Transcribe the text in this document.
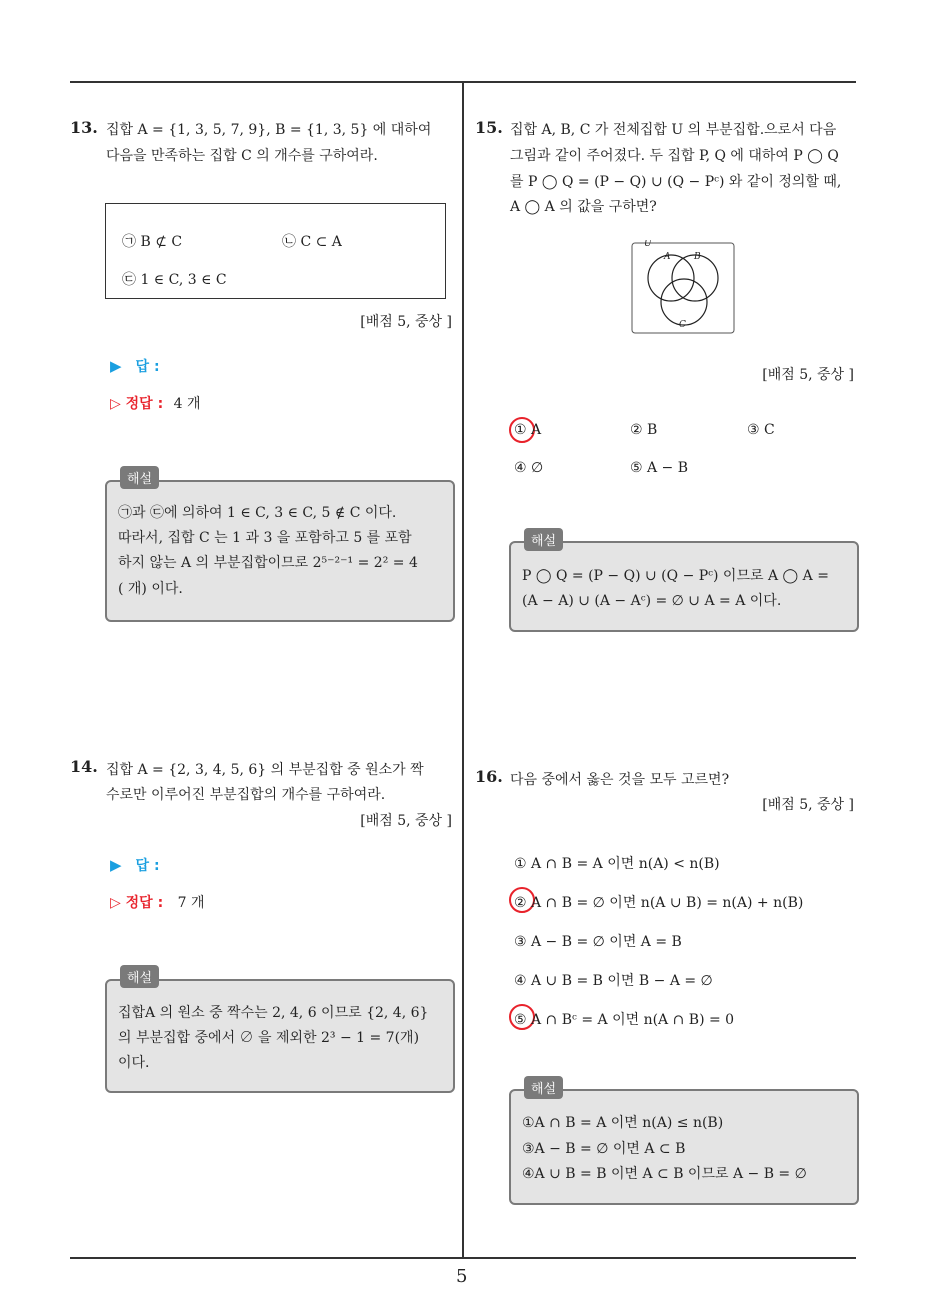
5
13. 집합 A = {1, 3, 5, 7, 9}, B = {1, 3, 5} 에 대하여
다음을 만족하는 집합 C 의 개수를 구하여라.
㉠ B ⊄ C	㉡ C ⊂ A
㉢ 1 ∈ C, 3 ∈ C
[배점 5, 중상 ]
▶ 답 :
▷ 정답 : 4 개
해설
㉠과 ㉢에 의하여 1 ∈ C, 3 ∈ C, 5 ∉ C 이다.
따라서, 집합 C 는 1 과 3 을 포함하고 5 를 포함
하지 않는 A 의 부분집합이므로 2⁵⁻²⁻¹ = 2² = 4
( 개) 이다.
14. 집합 A = {2, 3, 4, 5, 6} 의 부분집합 중 원소가 짝
수로만 이루어진 부분집합의 개수를 구하여라.
[배점 5, 중상 ]
▶ 답 :
▷ 정답 : 7 개
해설
집합A 의 원소 중 짝수는 2, 4, 6 이므로 {2, 4, 6}
의 부분집합 중에서 ∅ 을 제외한 2³ − 1 = 7(개)
이다.
15. 집합 A, B, C 가 전체집합 U 의 부분집합.으로서 다음
그림과 같이 주어졌다. 두 집합 P, Q 에 대하여 P ◯ Q
를 P ◯ Q = (P − Q) ∪ (Q − Pᶜ) 와 같이 정의할 때,
A ◯ A 의 값을 구하면?
U
A	B
C
[배점 5, 중상 ]
① A	② B	③ C
④ ∅	⑤ A − B
해설
P ◯ Q = (P − Q) ∪ (Q − Pᶜ) 이므로 A ◯ A =
(A − A) ∪ (A − Aᶜ) = ∅ ∪ A = A 이다.
16. 다음 중에서 옳은 것을 모두 고르면?
[배점 5, 중상 ]
① A ∩ B = A 이면 n(A) < n(B)
② A ∩ B = ∅ 이면 n(A ∪ B) = n(A) + n(B)
③ A − B = ∅ 이면 A = B
④ A ∪ B = B 이면 B − A = ∅
⑤ A ∩ Bᶜ = A 이면 n(A ∩ B) = 0
해설
①A ∩ B = A 이면 n(A) ≤ n(B)
③A − B = ∅ 이면 A ⊂ B
④A ∪ B = B 이면 A ⊂ B 이므로 A − B = ∅
